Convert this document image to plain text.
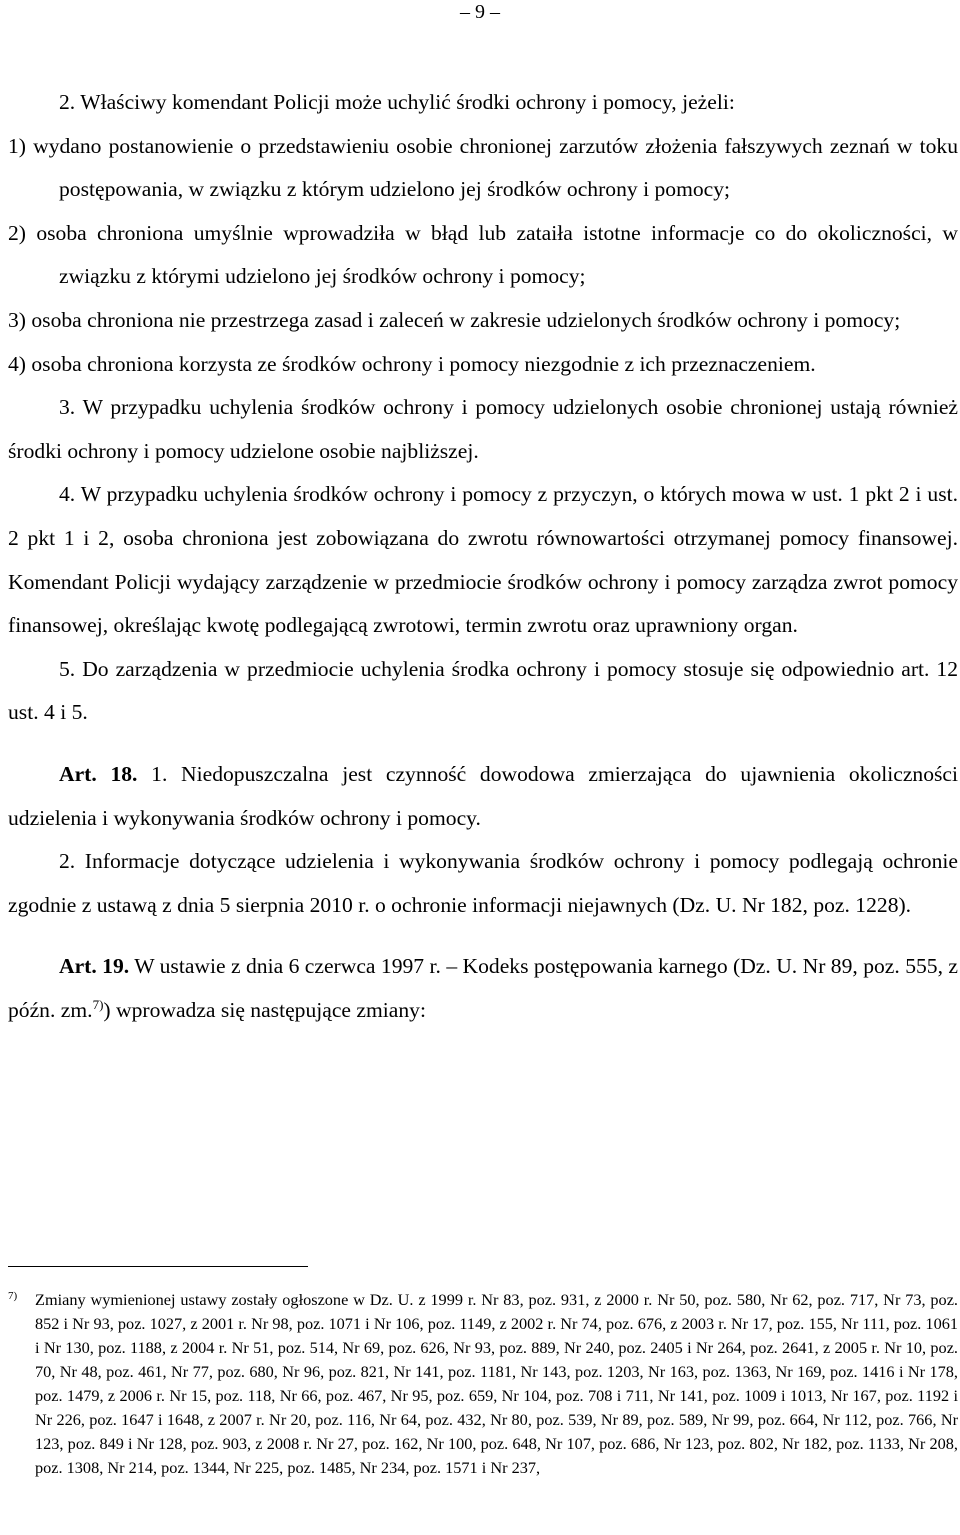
– 9 –

2. Właściwy komendant Policji może uchylić środki ochrony i pomocy, jeżeli:

1) wydano postanowienie o przedstawieniu osobie chronionej zarzutów złożenia fałszywych zeznań w toku postępowania, w związku z którym udzielono jej środków ochrony i pomocy;

2) osoba chroniona umyślnie wprowadziła w błąd lub zataiła istotne informacje co do okoliczności, w związku z którymi udzielono jej środków ochrony i pomocy;

3) osoba chroniona nie przestrzega zasad i zaleceń w zakresie udzielonych środków ochrony i pomocy;

4) osoba chroniona korzysta ze środków ochrony i pomocy niezgodnie z ich przeznaczeniem.

3. W przypadku uchylenia środków ochrony i pomocy udzielonych osobie chronionej ustają również środki ochrony i pomocy udzielone osobie najbliższej.

4. W przypadku uchylenia środków ochrony i pomocy z przyczyn, o których mowa w ust. 1 pkt 2 i ust. 2 pkt 1 i 2, osoba chroniona jest zobowiązana do zwrotu równowartości otrzymanej pomocy finansowej. Komendant Policji wydający zarządzenie w przedmiocie środków ochrony i pomocy zarządza zwrot pomocy finansowej, określając kwotę podlegającą zwrotowi, termin zwrotu oraz uprawniony organ.

5. Do zarządzenia w przedmiocie uchylenia środka ochrony i pomocy stosuje się odpowiednio art. 12 ust. 4 i 5.

Art. 18. 1. Niedopuszczalna jest czynność dowodowa zmierzająca do ujawnienia okoliczności udzielenia i wykonywania środków ochrony i pomocy.

2. Informacje dotyczące udzielenia i wykonywania środków ochrony i pomocy podlegają ochronie zgodnie z ustawą z dnia 5 sierpnia 2010 r. o ochronie informacji niejawnych (Dz. U. Nr 182, poz. 1228).

Art. 19. W ustawie z dnia 6 czerwca 1997 r. – Kodeks postępowania karnego (Dz. U. Nr 89, poz. 555, z późn. zm.$^{7)}$) wprowadza się następujące zmiany:

7) Zmiany wymienionej ustawy zostały ogłoszone w Dz. U. z 1999 r. Nr 83, poz. 931, z 2000 r. Nr 50, poz. 580, Nr 62, poz. 717, Nr 73, poz. 852 i Nr 93, poz. 1027, z 2001 r. Nr 98, poz. 1071 i Nr 106, poz. 1149, z 2002 r. Nr 74, poz. 676, z 2003 r. Nr 17, poz. 155, Nr 111, poz. 1061 i Nr 130, poz. 1188, z 2004 r. Nr 51, poz. 514, Nr 69, poz. 626, Nr 93, poz. 889, Nr 240, poz. 2405 i Nr 264, poz. 2641, z 2005 r. Nr 10, poz. 70, Nr 48, poz. 461, Nr 77, poz. 680, Nr 96, poz. 821, Nr 141, poz. 1181, Nr 143, poz. 1203, Nr 163, poz. 1363, Nr 169, poz. 1416 i Nr 178, poz. 1479, z 2006 r. Nr 15, poz. 118, Nr 66, poz. 467, Nr 95, poz. 659, Nr 104, poz. 708 i 711, Nr 141, poz. 1009 i 1013, Nr 167, poz. 1192 i Nr 226, poz. 1647 i 1648, z 2007 r. Nr 20, poz. 116, Nr 64, poz. 432, Nr 80, poz. 539, Nr 89, poz. 589, Nr 99, poz. 664, Nr 112, poz. 766, Nr 123, poz. 849 i Nr 128, poz. 903, z 2008 r. Nr 27, poz. 162, Nr 100, poz. 648, Nr 107, poz. 686, Nr 123, poz. 802, Nr 182, poz. 1133, Nr 208, poz. 1308, Nr 214, poz. 1344, Nr 225, poz. 1485, Nr 234, poz. 1571 i Nr 237,
